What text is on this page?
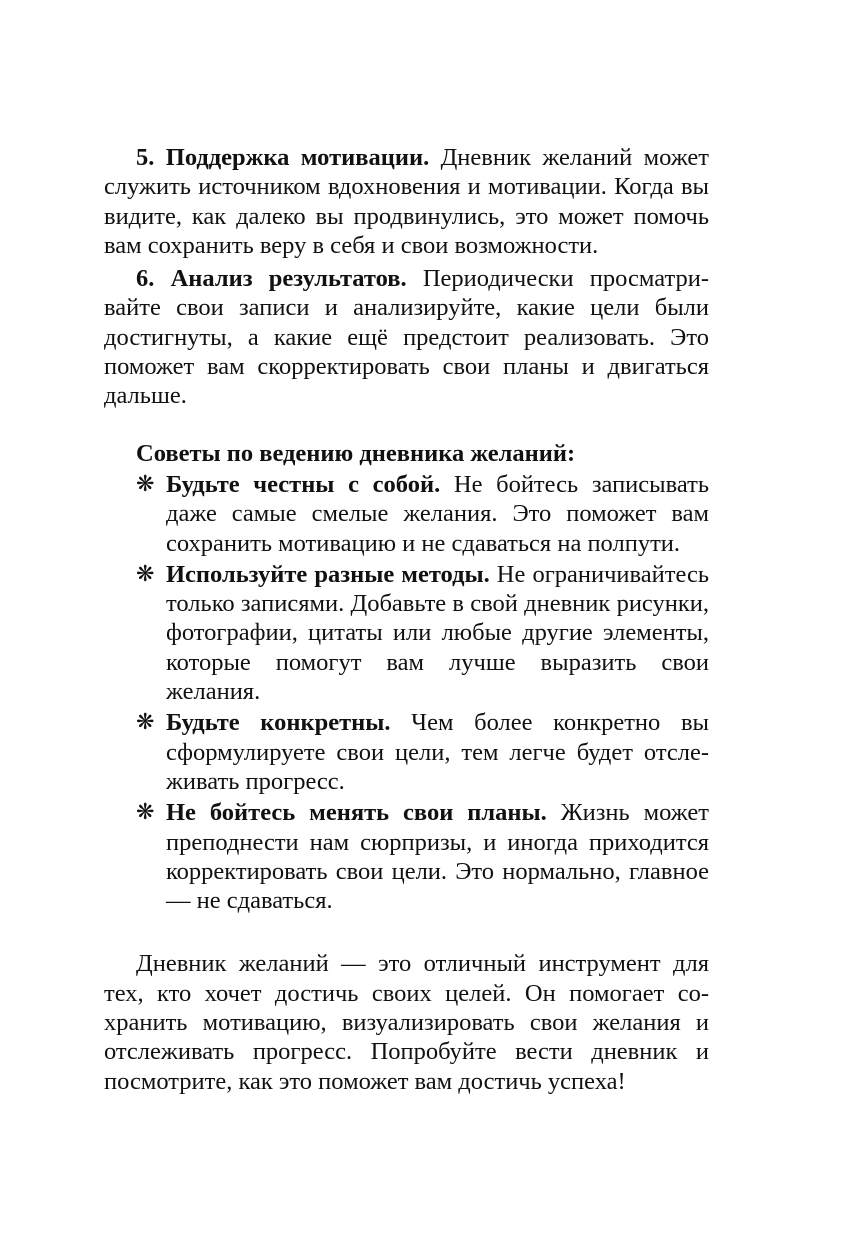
5. Поддержка мотивации. Дневник желаний может служить источником вдохновения и мотивации. Когда вы видите, как далеко вы продвинулись, это может помочь вам сохранить веру в себя и свои возможности.

6. Анализ результатов. Периодически просматривайте свои записи и анализируйте, какие цели были достигнуты, а какие ещё предстоит реализовать. Это поможет вам скорректировать свои планы и двигаться дальше.

Советы по ведению дневника желаний:

❋ Будьте честны с собой. Не бойтесь записывать даже самые смелые желания. Это поможет вам сохранить мотивацию и не сдаваться на полпути.
❋ Используйте разные методы. Не ограничивайтесь только записями. Добавьте в свой дневник рисунки, фотографии, цитаты или любые другие элементы, которые помогут вам лучше выразить свои желания.
❋ Будьте конкретны. Чем более конкретно вы сформулируете свои цели, тем легче будет отслеживать прогресс.
❋ Не бойтесь менять свои планы. Жизнь может преподнести нам сюрпризы, и иногда приходится корректировать свои цели. Это нормально, главное — не сдаваться.

Дневник желаний — это отличный инструмент для тех, кто хочет достичь своих целей. Он помогает сохранить мотивацию, визуализировать свои желания и отслеживать прогресс. Попробуйте вести дневник и посмотрите, как это поможет вам достичь успеха!
